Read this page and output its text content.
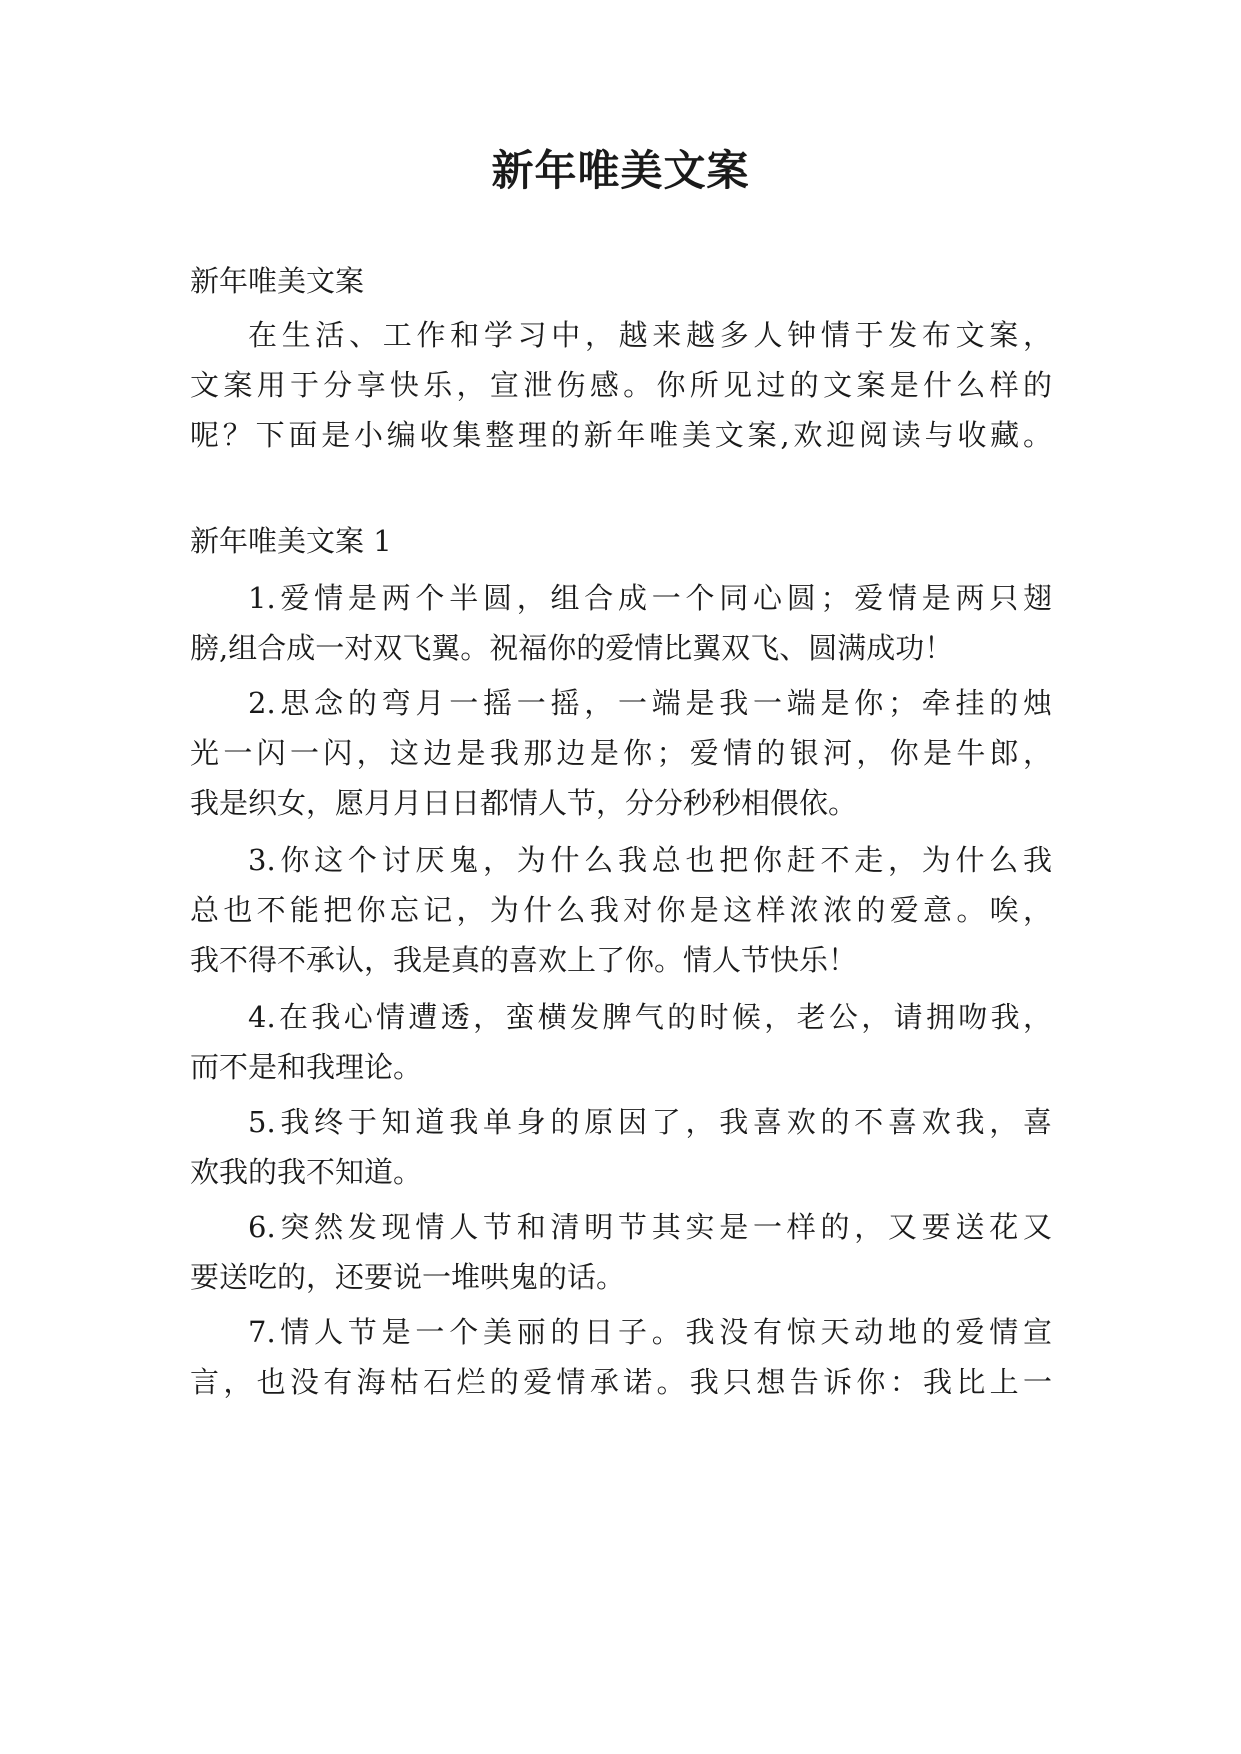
新年唯美文案
新年唯美文案
在生活、工作和学习中，越来越多人钟情于发布文案，
文案用于分享快乐，宣泄伤感。你所见过的文案是什么样的
呢？下面是小编收集整理的新年唯美文案,欢迎阅读与收藏。
新年唯美文案 1
1.爱情是两个半圆，组合成一个同心圆；爱情是两只翅
膀,组合成一对双飞翼。祝福你的爱情比翼双飞、圆满成功！
2.思念的弯月一摇一摇，一端是我一端是你；牵挂的烛
光一闪一闪，这边是我那边是你；爱情的银河，你是牛郎，
我是织女，愿月月日日都情人节，分分秒秒相偎依。
3.你这个讨厌鬼，为什么我总也把你赶不走，为什么我
总也不能把你忘记，为什么我对你是这样浓浓的爱意。唉，
我不得不承认，我是真的喜欢上了你。情人节快乐！
4.在我心情遭透，蛮横发脾气的时候，老公，请拥吻我，
而不是和我理论。
5.我终于知道我单身的原因了，我喜欢的不喜欢我，喜
欢我的我不知道。
6.突然发现情人节和清明节其实是一样的，又要送花又
要送吃的，还要说一堆哄鬼的话。
7.情人节是一个美丽的日子。我没有惊天动地的爱情宣
言，也没有海枯石烂的爱情承诺。我只想告诉你：我比上一
